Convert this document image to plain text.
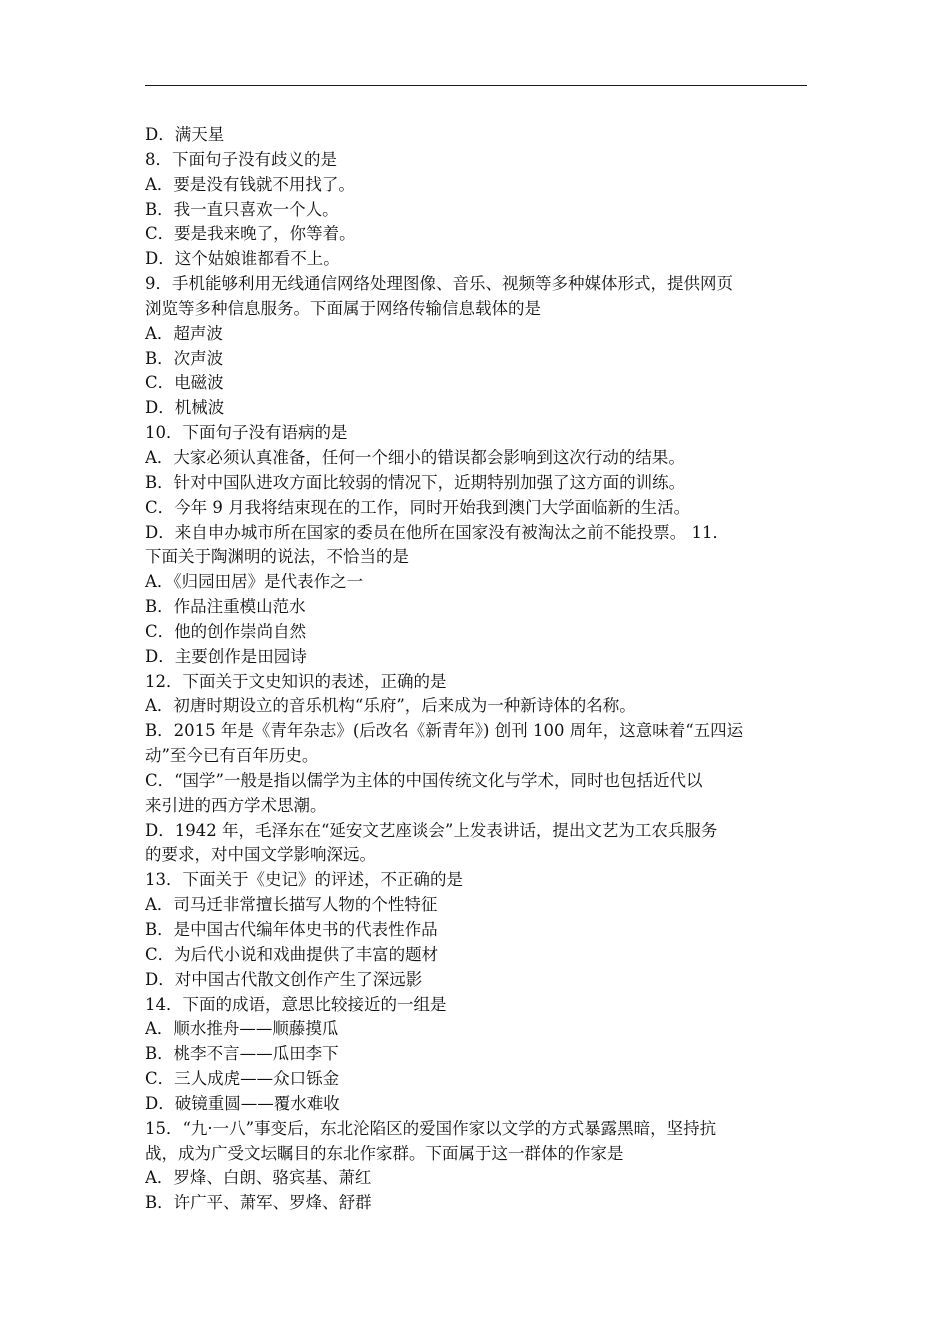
D．满天星
8．下面句子没有歧义的是
A．要是没有钱就不用找了。
B．我一直只喜欢一个人。
C．要是我来晚了，你等着。
D．这个姑娘谁都看不上。
9．手机能够利用无线通信网络处理图像、音乐、视频等多种媒体形式，提供网页
浏览等多种信息服务。下面属于网络传输信息载体的是
A．超声波
B．次声波
C．电磁波
D．机械波
10．下面句子没有语病的是
A．大家必须认真准备，任何一个细小的错误都会影响到这次行动的结果。
B．针对中国队进攻方面比较弱的情况下，近期特别加强了这方面的训练。
C．今年 9 月我将结束现在的工作，同时开始我到澳门大学面临新的生活。
D．来自申办城市所在国家的委员在他所在国家没有被淘汰之前不能投票。 11．
下面关于陶渊明的说法，不恰当的是
A．《归园田居》是代表作之一
B．作品注重模山范水
C．他的创作崇尚自然
D．主要创作是田园诗
12．下面关于文史知识的表述，正确的是
A．初唐时期设立的音乐机构“乐府”，后来成为一种新诗体的名称。
B．2015 年是《青年杂志》(后改名《新青年》) 创刊 100 周年，这意味着“五四运
动”至今已有百年历史。
C．“国学”一般是指以儒学为主体的中国传统文化与学术，同时也包括近代以
来引进的西方学术思潮。
D．1942 年，毛泽东在“延安文艺座谈会”上发表讲话，提出文艺为工农兵服务
的要求，对中国文学影响深远。
13．下面关于《史记》的评述，不正确的是
A．司马迁非常擅长描写人物的个性特征
B．是中国古代编年体史书的代表性作品
C．为后代小说和戏曲提供了丰富的题材
D．对中国古代散文创作产生了深远影
14．下面的成语，意思比较接近的一组是
A．顺水推舟——顺藤摸瓜
B．桃李不言——瓜田李下
C．三人成虎——众口铄金
D．破镜重圆——覆水难收
15．“九·一八”事变后，东北沦陷区的爱国作家以文学的方式暴露黑暗，坚持抗
战，成为广受文坛瞩目的东北作家群。下面属于这一群体的作家是
A．罗烽、白朗、骆宾基、萧红
B．许广平、萧军、罗烽、舒群
